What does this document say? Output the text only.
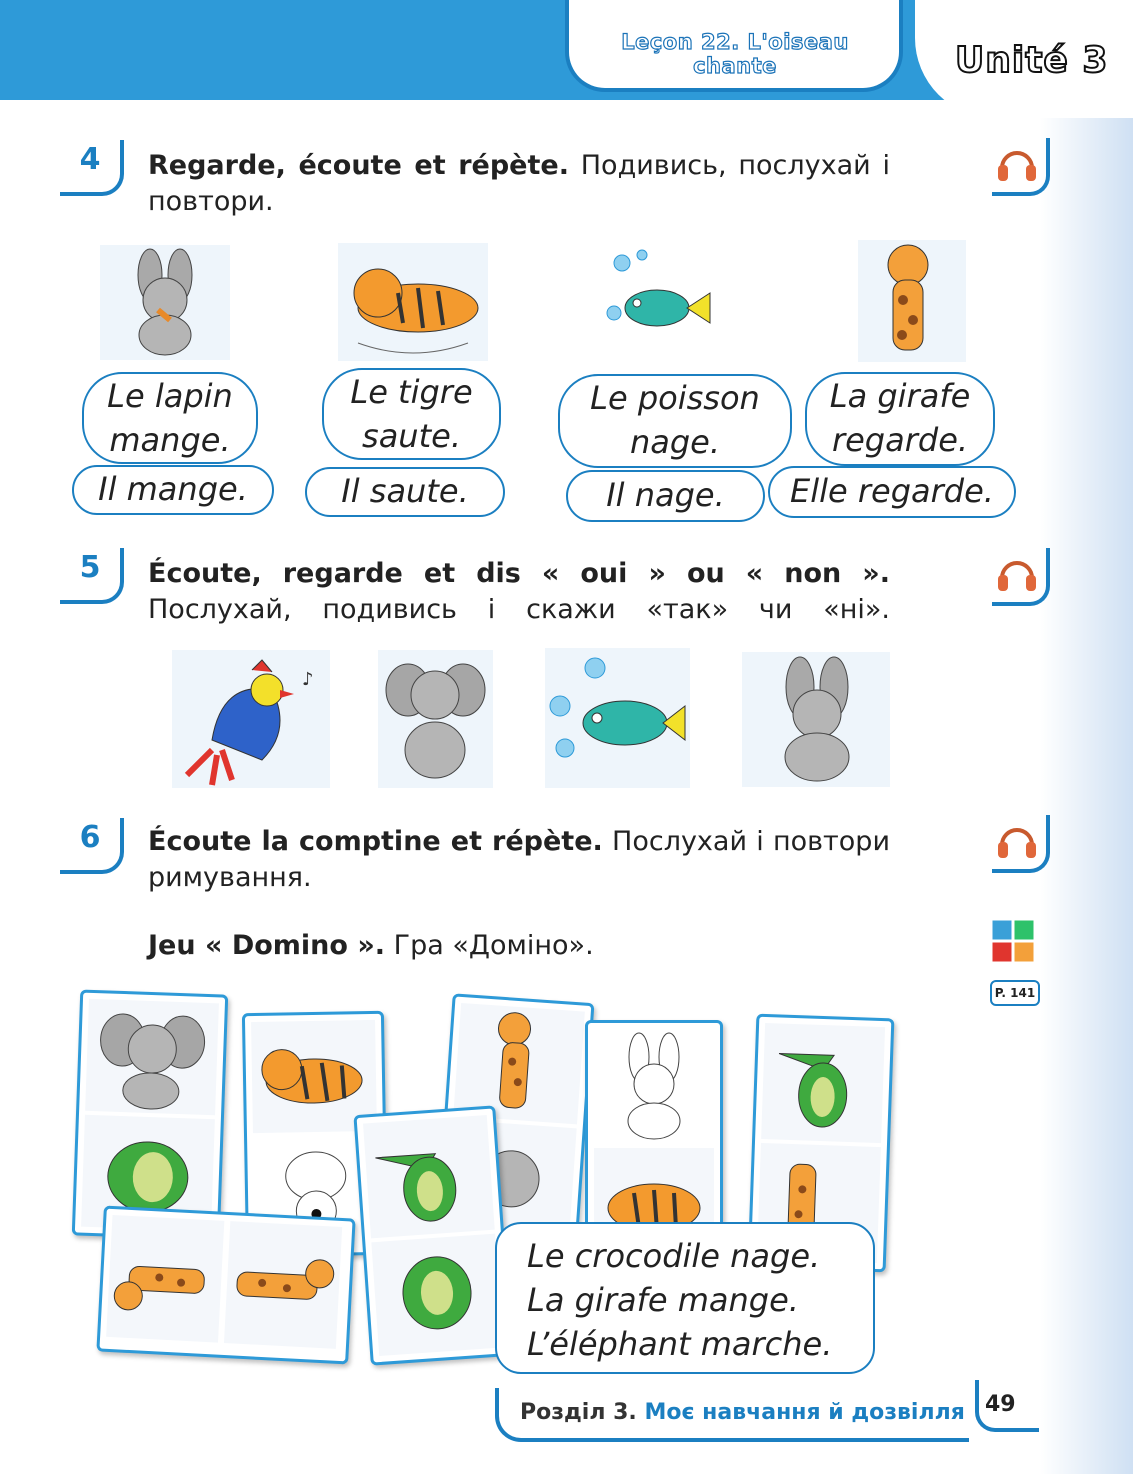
Leçon 22. L'oiseau chante	Unité 3
4	Regarde, écoute et répète. Подивись, послухай і повтори.
Le lapin
mange.
Il mange.
Le tigre
saute.
Il saute.
Le poisson
nage.
Il nage.
La girafe
regarde.
Elle regarde.
5	Écoute, regarde et dis « oui » ou « non ».
Послухай, подивись і скажи «так» чи «ні».
♪
6	Écoute la comptine et répète. Послухай і повтори римування.
Jeu « Domino ». Гра «Доміно».
P. 141
Le crocodile nage.
La girafe mange.
L’éléphant marche.
Розділ 3. Моє навчання й дозвілля 49
